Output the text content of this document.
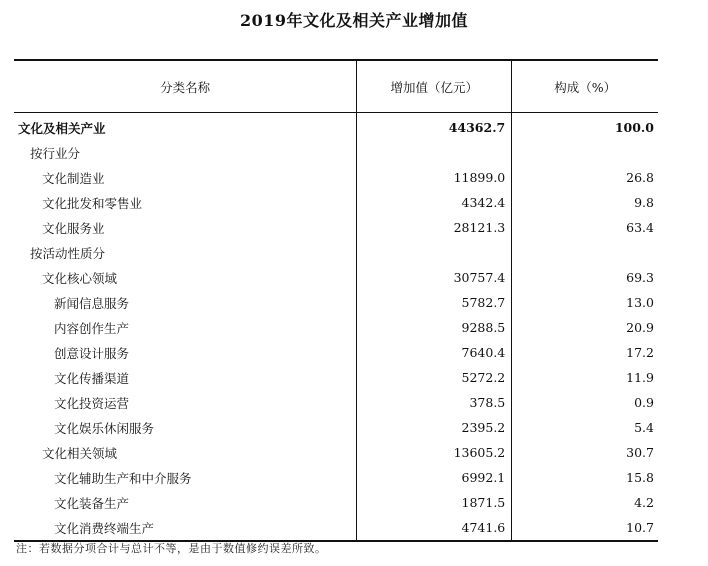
2019年文化及相关产业增加值
分类名称	增加值（亿元）	构成（%）
文化及相关产业	44362.7	100.0
按行业分		
文化制造业	11899.0	26.8
文化批发和零售业	4342.4	9.8
文化服务业	28121.3	63.4
按活动性质分		
文化核心领域	30757.4	69.3
新闻信息服务	5782.7	13.0
内容创作生产	9288.5	20.9
创意设计服务	7640.4	17.2
文化传播渠道	5272.2	11.9
文化投资运营	378.5	0.9
文化娱乐休闲服务	2395.2	5.4
文化相关领域	13605.2	30.7
文化辅助生产和中介服务	6992.1	15.8
文化装备生产	1871.5	4.2
文化消费终端生产	4741.6	10.7
注：若数据分项合计与总计不等，是由于数值修约误差所致。
